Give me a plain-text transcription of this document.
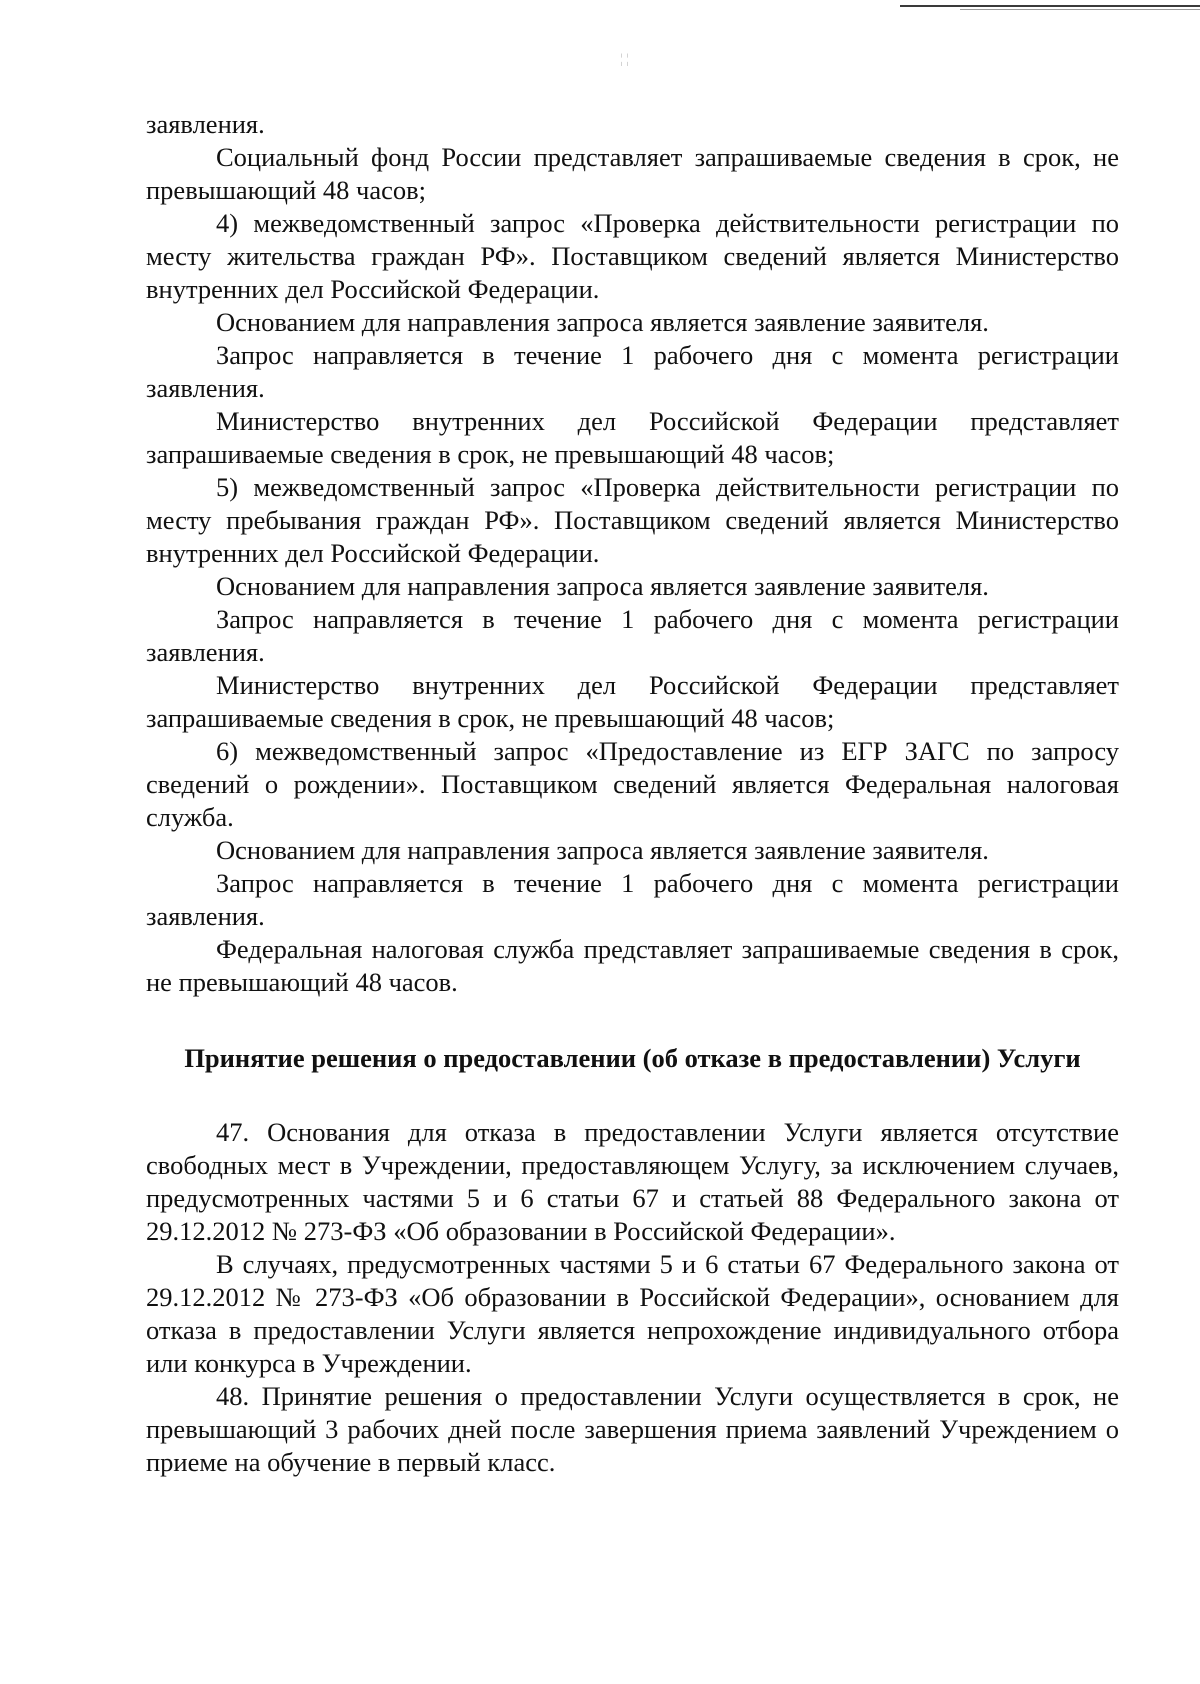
¦ ¦

заявления.

Социальный фонд России представляет запрашиваемые сведения в срок, не превышающий 48 часов;

4) межведомственный запрос «Проверка действительности регистрации по месту жительства граждан РФ». Поставщиком сведений является Министерство внутренних дел Российской Федерации.

Основанием для направления запроса является заявление заявителя.

Запрос направляется в течение 1 рабочего дня с момента регистрации заявления.

Министерство внутренних дел Российской Федерации представляет запрашиваемые сведения в срок, не превышающий 48 часов;

5) межведомственный запрос «Проверка действительности регистрации по месту пребывания граждан РФ». Поставщиком сведений является Министерство внутренних дел Российской Федерации.

Основанием для направления запроса является заявление заявителя.

Запрос направляется в течение 1 рабочего дня с момента регистрации заявления.

Министерство внутренних дел Российской Федерации представляет запрашиваемые сведения в срок, не превышающий 48 часов;

6) межведомственный запрос «Предоставление из ЕГР ЗАГС по запросу сведений о рождении». Поставщиком сведений является Федеральная налоговая служба.

Основанием для направления запроса является заявление заявителя.

Запрос направляется в течение 1 рабочего дня с момента регистрации заявления.

Федеральная налоговая служба представляет запрашиваемые сведения в срок, не превышающий 48 часов.

Принятие решения о предоставлении (об отказе в предоставлении) Услуги

47. Основания для отказа в предоставлении Услуги является отсутствие свободных мест в Учреждении, предоставляющем Услугу, за исключением случаев, предусмотренных частями 5 и 6 статьи 67 и статьей 88 Федерального закона от 29.12.2012 № 273-ФЗ «Об образовании в Российской Федерации».

В случаях, предусмотренных частями 5 и 6 статьи 67 Федерального закона от 29.12.2012 № 273-ФЗ «Об образовании в Российской Федерации», основанием для отказа в предоставлении Услуги является непрохождение индивидуального отбора или конкурса в Учреждении.

48. Принятие решения о предоставлении Услуги осуществляется в срок, не превышающий 3 рабочих дней после завершения приема заявлений Учреждением о приеме на обучение в первый класс.
